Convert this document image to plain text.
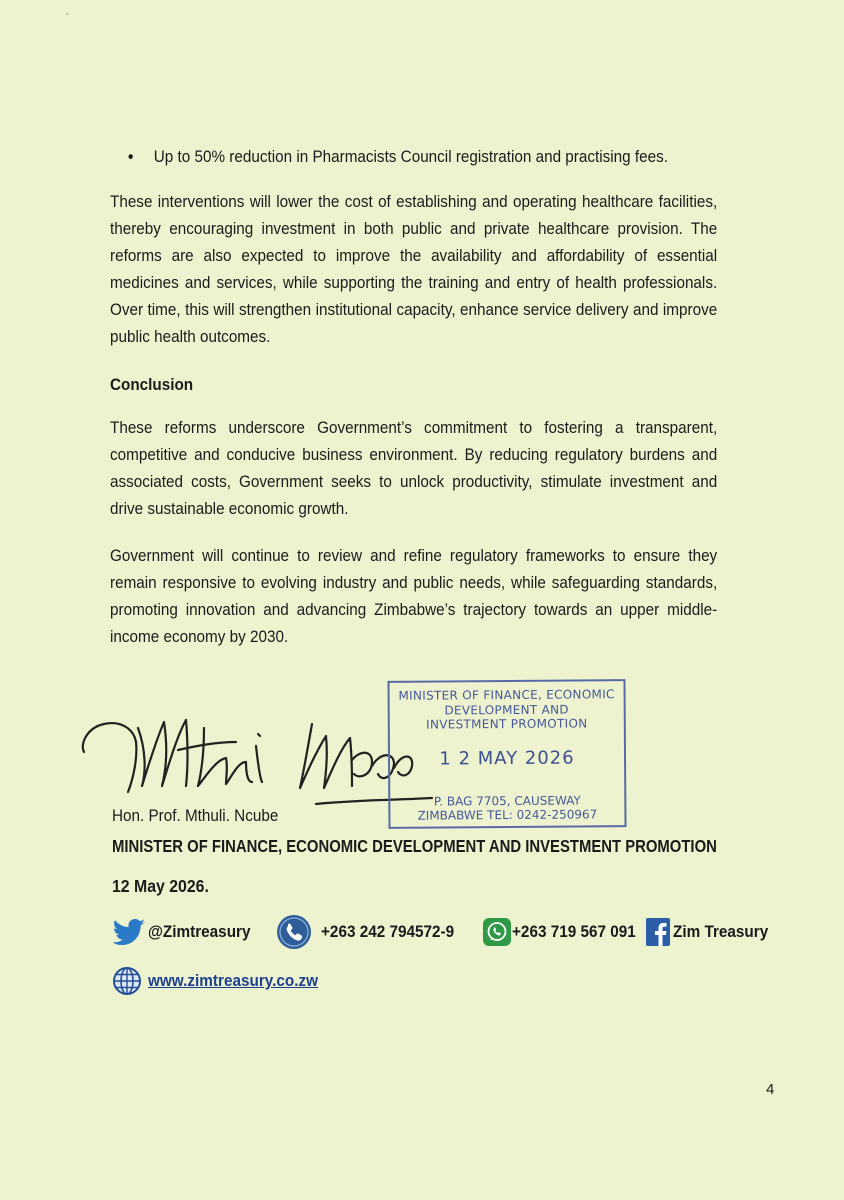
• Up to 50% reduction in Pharmacists Council registration and practising fees.
These interventions will lower the cost of establishing and operating healthcare facilities, thereby encouraging investment in both public and private healthcare provision. The reforms are also expected to improve the availability and affordability of essential medicines and services, while supporting the training and entry of health professionals. Over time, this will strengthen institutional capacity, enhance service delivery and improve public health outcomes.
Conclusion
These reforms underscore Government’s commitment to fostering a transparent, competitive and conducive business environment. By reducing regulatory burdens and associated costs, Government seeks to unlock productivity, stimulate investment and drive sustainable economic growth.
Government will continue to review and refine regulatory frameworks to ensure they remain responsive to evolving industry and public needs, while safeguarding standards, promoting innovation and advancing Zimbabwe’s trajectory towards an upper middle-income economy by 2030.
MINISTER OF FINANCE, ECONOMIC
DEVELOPMENT AND
INVESTMENT PROMOTION
1 2 MAY 2026
P. BAG 7705, CAUSEWAY
ZIMBABWE TEL: 0242-250967
Hon. Prof. Mthuli. Ncube
MINISTER OF FINANCE, ECONOMIC DEVELOPMENT AND INVESTMENT PROMOTION
12 May 2026.
@Zimtreasury	+263 242 794572-9	+263 719 567 091 Zim Treasury
www.zimtreasury.co.zw
4
